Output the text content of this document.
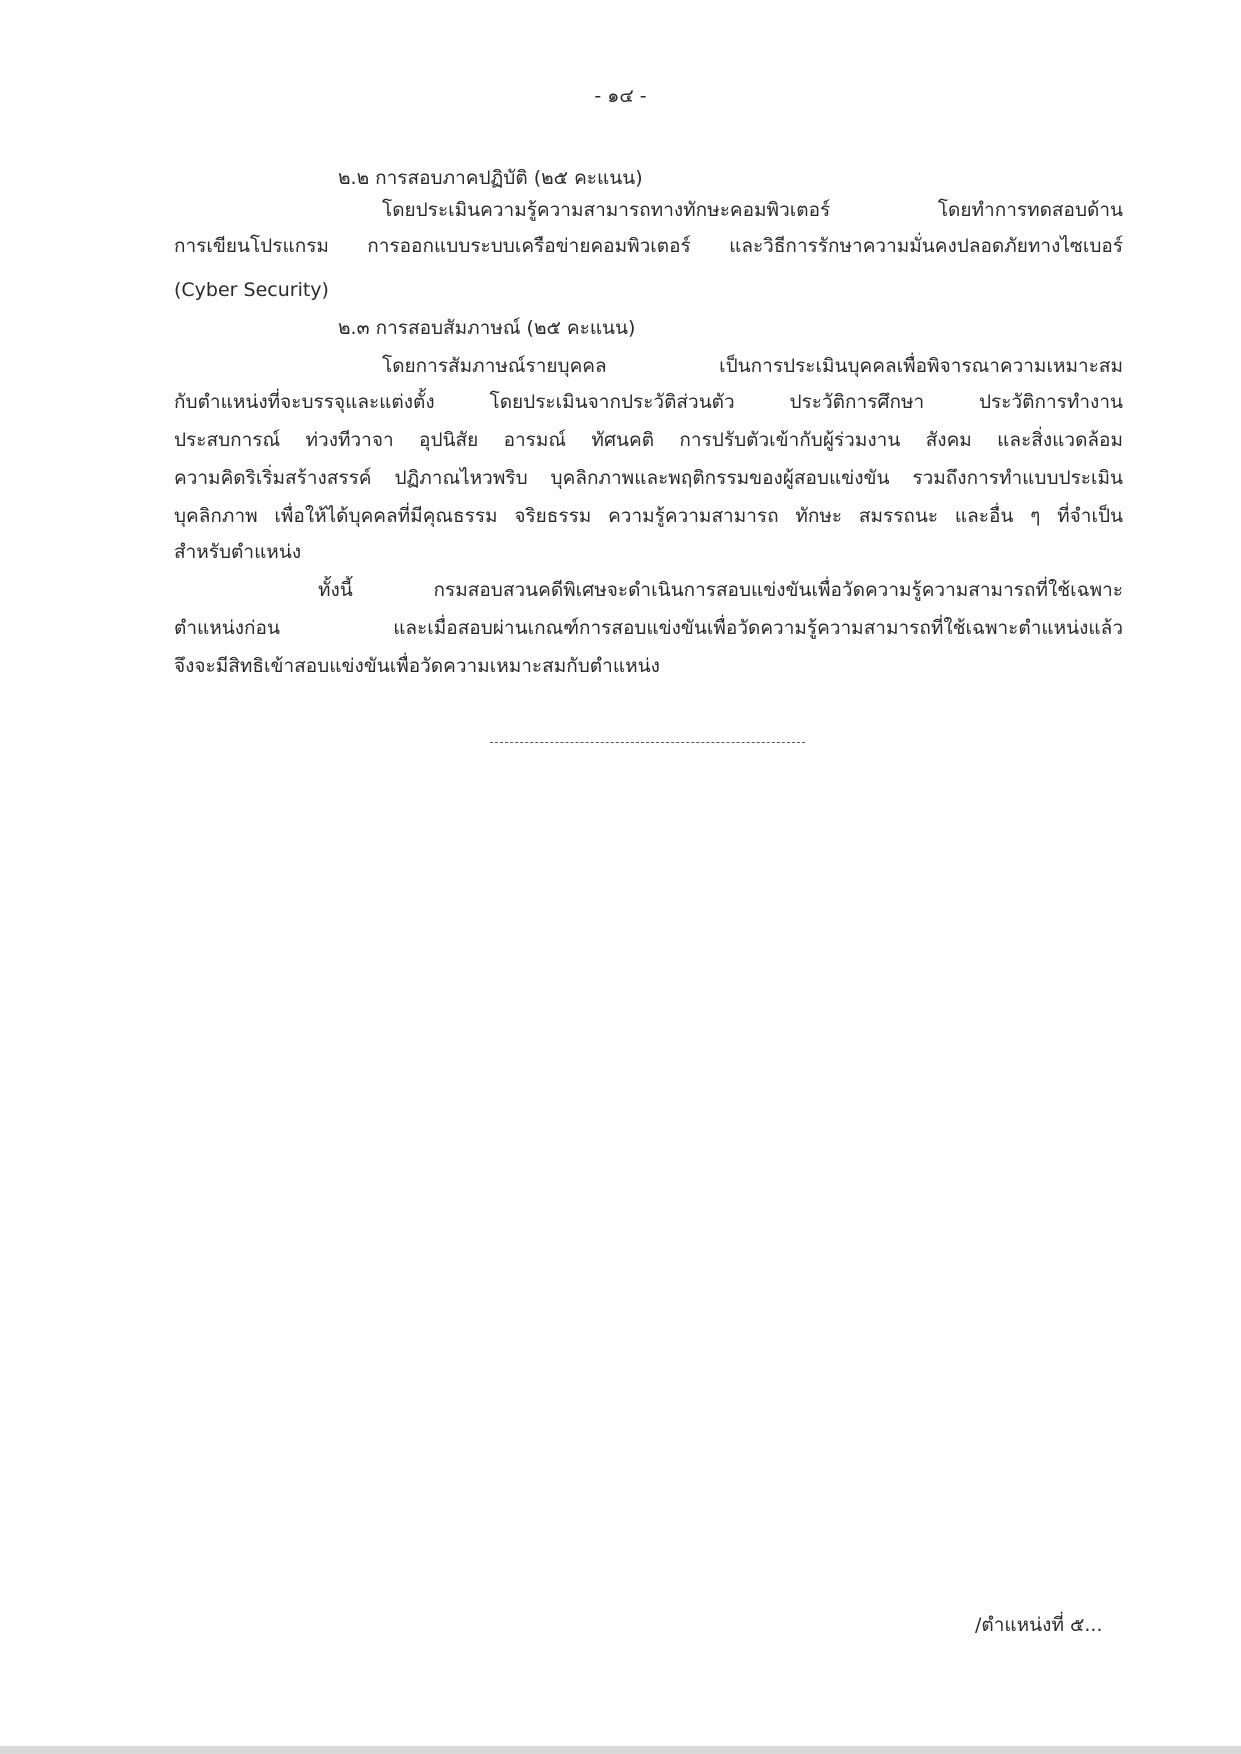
- ๑๔ -
๒.๒ การสอบภาคปฏิบัติ (๒๕ คะแนน)
โดยประเมินความรู้ความสามารถทางทักษะคอมพิวเตอร์ โดยทำการทดสอบด้าน
การเขียนโปรแกรม การออกแบบระบบเครือข่ายคอมพิวเตอร์ และวิธีการรักษาความมั่นคงปลอดภัยทางไซเบอร์
(Cyber Security)
๒.๓ การสอบสัมภาษณ์ (๒๕ คะแนน)
โดยการสัมภาษณ์รายบุคคล เป็นการประเมินบุคคลเพื่อพิจารณาความเหมาะสม
กับตำแหน่งที่จะบรรจุและแต่งตั้ง โดยประเมินจากประวัติส่วนตัว ประวัติการศึกษา ประวัติการทำงาน
ประสบการณ์ ท่วงทีวาจา อุปนิสัย อารมณ์ ทัศนคติ การปรับตัวเข้ากับผู้ร่วมงาน สังคม และสิ่งแวดล้อม
ความคิดริเริ่มสร้างสรรค์ ปฏิภาณไหวพริบ บุคลิกภาพและพฤติกรรมของผู้สอบแข่งขัน รวมถึงการทำแบบประเมิน
บุคลิกภาพ เพื่อให้ได้บุคคลที่มีคุณธรรม จริยธรรม ความรู้ความสามารถ ทักษะ สมรรถนะ และอื่น ๆ ที่จำเป็น
สำหรับตำแหน่ง
ทั้งนี้ กรมสอบสวนคดีพิเศษจะดำเนินการสอบแข่งขันเพื่อวัดความรู้ความสามารถที่ใช้เฉพาะ
ตำแหน่งก่อน และเมื่อสอบผ่านเกณฑ์การสอบแข่งขันเพื่อวัดความรู้ความสามารถที่ใช้เฉพาะตำแหน่งแล้ว
จึงจะมีสิทธิเข้าสอบแข่งขันเพื่อวัดความเหมาะสมกับตำแหน่ง
/ตำแหน่งที่ ๕...
